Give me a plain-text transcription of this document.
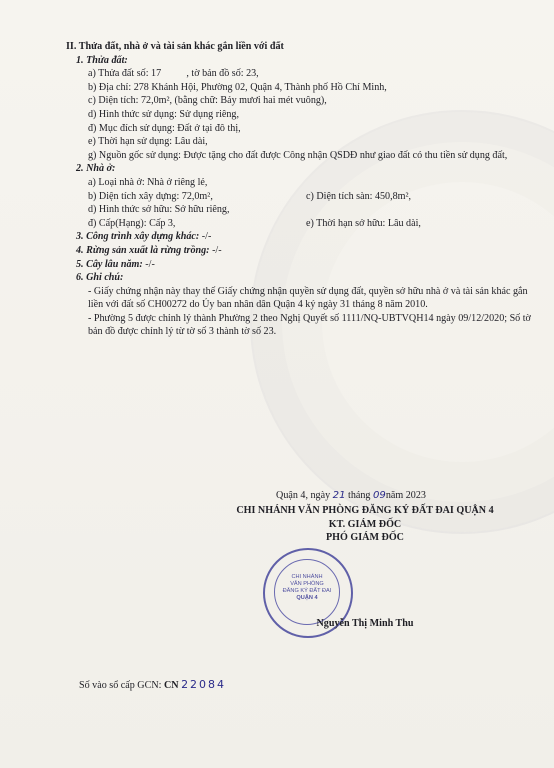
II. Thửa đất, nhà ở và tài sản khác gắn liền với đất
1. Thửa đất:
a) Thửa đất số: 17          , tờ bản đồ số: 23,
b) Địa chỉ: 278 Khánh Hội, Phường 02, Quận 4, Thành phố Hồ Chí Minh,
c) Diện tích: 72,0m², (bằng chữ: Bảy mươi hai mét vuông),
d) Hình thức sử dụng: Sử dụng riêng,
đ) Mục đích sử dụng: Đất ở tại đô thị,
e) Thời hạn sử dụng: Lâu dài,
g) Nguồn gốc sử dụng: Được tặng cho đất được Công nhận QSDĐ như giao đất có thu tiền sử dụng đất,
2. Nhà ở:
a) Loại nhà ở: Nhà ở riêng lẻ,
b) Diện tích xây dựng: 72,0m²,	c) Diện tích sàn: 450,8m²,
d) Hình thức sở hữu: Sở hữu riêng,
đ) Cấp(Hạng): Cấp 3,	e) Thời hạn sở hữu: Lâu dài,
3. Công trình xây dựng khác: -/-
4. Rừng sản xuất là rừng trồng: -/-
5. Cây lâu năm: -/-
6. Ghi chú:
- Giấy chứng nhận này thay thế Giấy chứng nhận quyền sử dụng đất, quyền sở hữu nhà ở và tài sản khác gắn liền với đất số CH00272 do Ủy ban nhân dân Quận 4 ký ngày 31 tháng 8 năm 2010.
- Phường 5 được chỉnh lý thành Phường 2 theo Nghị Quyết số 1111/NQ-UBTVQH14 ngày 09/12/2020; Số tờ bản đồ được chỉnh lý từ tờ số 3 thành tờ số 23.
Quận 4, ngày 21 tháng 09năm 2023
CHI NHÁNH VĂN PHÒNG ĐĂNG KÝ ĐẤT ĐAI QUẬN 4
KT. GIÁM ĐỐC
PHÓ GIÁM ĐỐC
CHI NHÁNH
VĂN PHÒNG
ĐĂNG KÝ ĐẤT ĐAI
QUẬN 4
Nguyễn Thị Minh Thu
Số vào sổ cấp GCN: CN 22084
